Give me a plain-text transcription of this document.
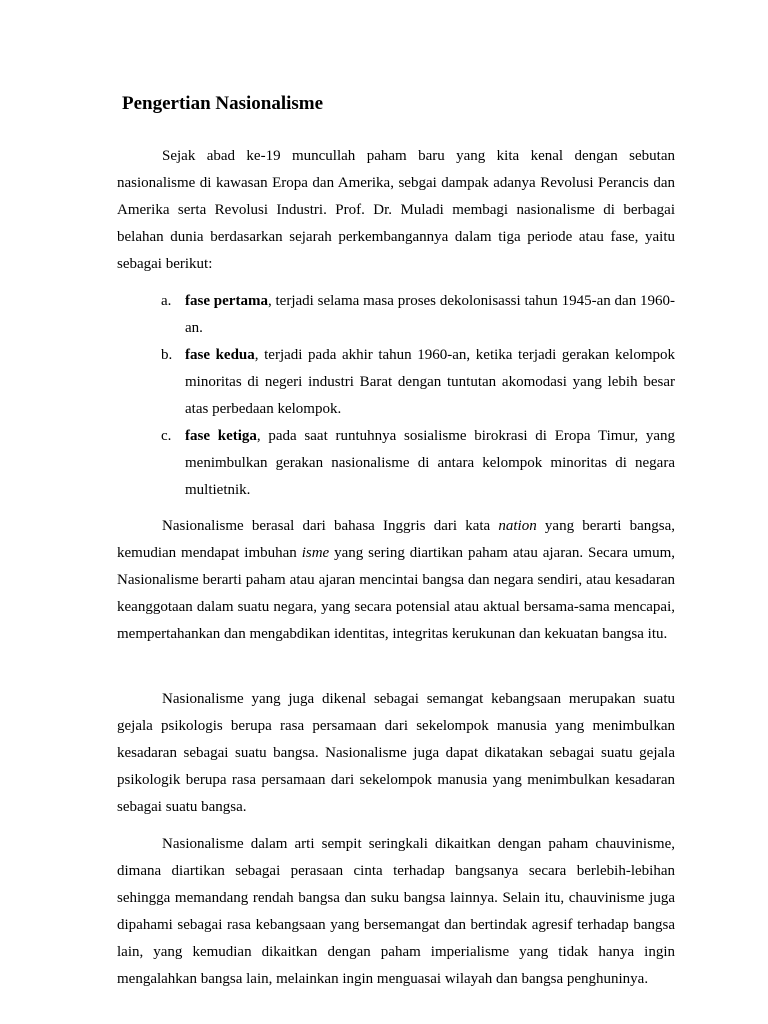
Pengertian Nasionalisme

Sejak abad ke-19 muncullah paham baru yang kita kenal dengan sebutan nasionalisme di kawasan Eropa dan Amerika, sebgai dampak adanya Revolusi Perancis dan Amerika serta Revolusi Industri. Prof. Dr. Muladi membagi nasionalisme di berbagai belahan dunia berdasarkan sejarah perkembangannya dalam tiga periode atau fase, yaitu sebagai berikut:

a. fase pertama, terjadi selama masa proses dekolonisassi tahun 1945-an dan 1960-an.
b. fase kedua, terjadi pada akhir tahun 1960-an, ketika terjadi gerakan kelompok minoritas di negeri industri Barat dengan tuntutan akomodasi yang lebih besar atas perbedaan kelompok.
c. fase ketiga, pada saat runtuhnya sosialisme birokrasi di Eropa Timur, yang menimbulkan gerakan nasionalisme di antara kelompok minoritas di negara multietnik.

Nasionalisme berasal dari bahasa Inggris dari kata nation yang berarti bangsa, kemudian mendapat imbuhan isme yang sering diartikan paham atau ajaran. Secara umum, Nasionalisme berarti paham atau ajaran mencintai bangsa dan negara sendiri, atau kesadaran keanggotaan dalam suatu negara, yang secara potensial atau aktual bersama-sama mencapai, mempertahankan dan mengabdikan identitas, integritas kerukunan dan kekuatan bangsa itu.

Nasionalisme yang juga dikenal sebagai semangat kebangsaan merupakan suatu gejala psikologis berupa rasa persamaan dari sekelompok manusia yang menimbulkan kesadaran sebagai suatu bangsa. Nasionalisme juga dapat dikatakan sebagai suatu gejala psikologik berupa rasa persamaan dari sekelompok manusia yang menimbulkan kesadaran sebagai suatu bangsa.

Nasionalisme dalam arti sempit seringkali dikaitkan dengan paham chauvinisme, dimana diartikan sebagai perasaan cinta terhadap bangsanya secara berlebih-lebihan sehingga memandang rendah bangsa dan suku bangsa lainnya. Selain itu, chauvinisme juga dipahami sebagai rasa kebangsaan yang bersemangat dan bertindak agresif terhadap bangsa lain, yang kemudian dikaitkan dengan paham imperialisme yang tidak hanya ingin mengalahkan bangsa lain, melainkan ingin menguasai wilayah dan bangsa penghuninya.
